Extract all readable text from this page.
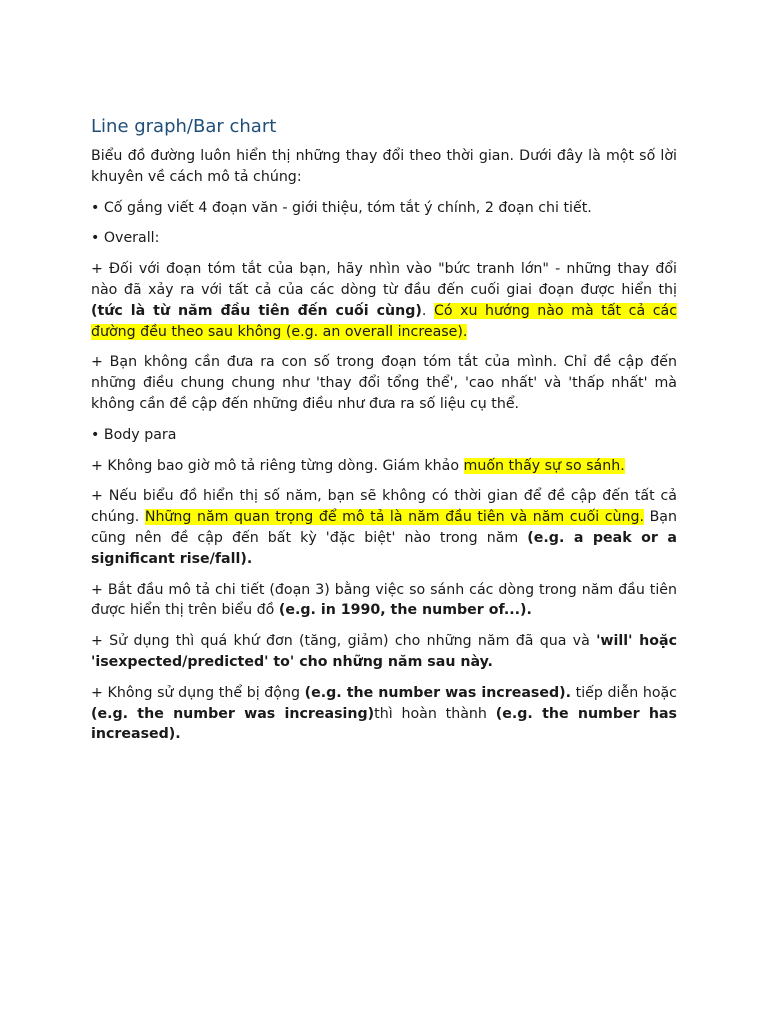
Line graph/Bar chart

Biểu đồ đường luôn hiển thị những thay đổi theo thời gian. Dưới đây là một số lời khuyên về cách mô tả chúng:

• Cố gắng viết 4 đoạn văn - giới thiệu, tóm tắt ý chính, 2 đoạn chi tiết.

• Overall:

+ Đối với đoạn tóm tắt của bạn, hãy nhìn vào "bức tranh lớn" - những thay đổi nào đã xảy ra với tất cả của các dòng từ đầu đến cuối giai đoạn được hiển thị (tức là từ năm đầu tiên đến cuối cùng). Có xu hướng nào mà tất cả các đường đều theo sau không (e.g. an overall increase).

+ Bạn không cần đưa ra con số trong đoạn tóm tắt của mình. Chỉ đề cập đến những điều chung chung như 'thay đổi tổng thể', 'cao nhất' và 'thấp nhất' mà không cần đề cập đến những điều như đưa ra số liệu cụ thể.

• Body para

+ Không bao giờ mô tả riêng từng dòng. Giám khảo muốn thấy sự so sánh.

+ Nếu biểu đồ hiển thị số năm, bạn sẽ không có thời gian để đề cập đến tất cả chúng. Những năm quan trọng để mô tả là năm đầu tiên và năm cuối cùng. Bạn cũng nên đề cập đến bất kỳ 'đặc biệt' nào trong năm (e.g. a peak or a significant rise/fall).

+ Bắt đầu mô tả chi tiết (đoạn 3) bằng việc so sánh các dòng trong năm đầu tiên được hiển thị trên biểu đồ (e.g. in 1990, the number of...).

+ Sử dụng thì quá khứ đơn (tăng, giảm) cho những năm đã qua và 'will' hoặc 'isexpected/predicted' to' cho những năm sau này.

+ Không sử dụng thể bị động (e.g. the number was increased). tiếp diễn hoặc (e.g. the number was increasing)thì hoàn thành (e.g. the number has increased).
